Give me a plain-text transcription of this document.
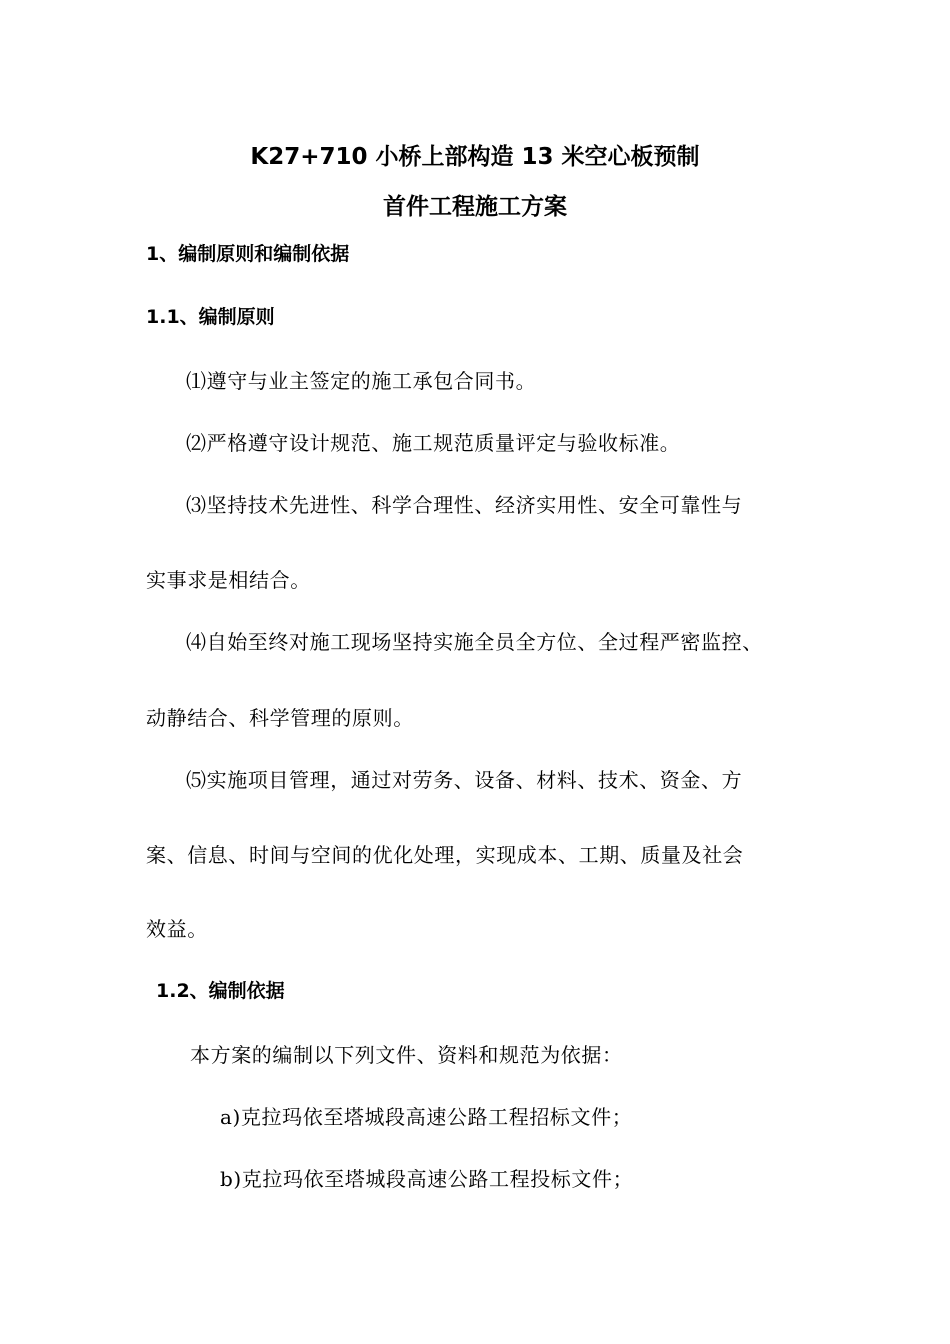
K27+710 小桥上部构造 13 米空心板预制
首件工程施工方案
1、编制原则和编制依据
1.1、编制原则
⑴遵守与业主签定的施工承包合同书。
⑵严格遵守设计规范、施工规范质量评定与验收标准。
⑶坚持技术先进性、科学合理性、经济实用性、安全可靠性与
实事求是相结合。
⑷自始至终对施工现场坚持实施全员全方位、全过程严密监控、
动静结合、科学管理的原则。
⑸实施项目管理，通过对劳务、设备、材料、技术、资金、方
案、信息、时间与空间的优化处理，实现成本、工期、质量及社会
效益。
1.2、编制依据
本方案的编制以下列文件、资料和规范为依据：
a)克拉玛依至塔城段高速公路工程招标文件；
b)克拉玛依至塔城段高速公路工程投标文件；
